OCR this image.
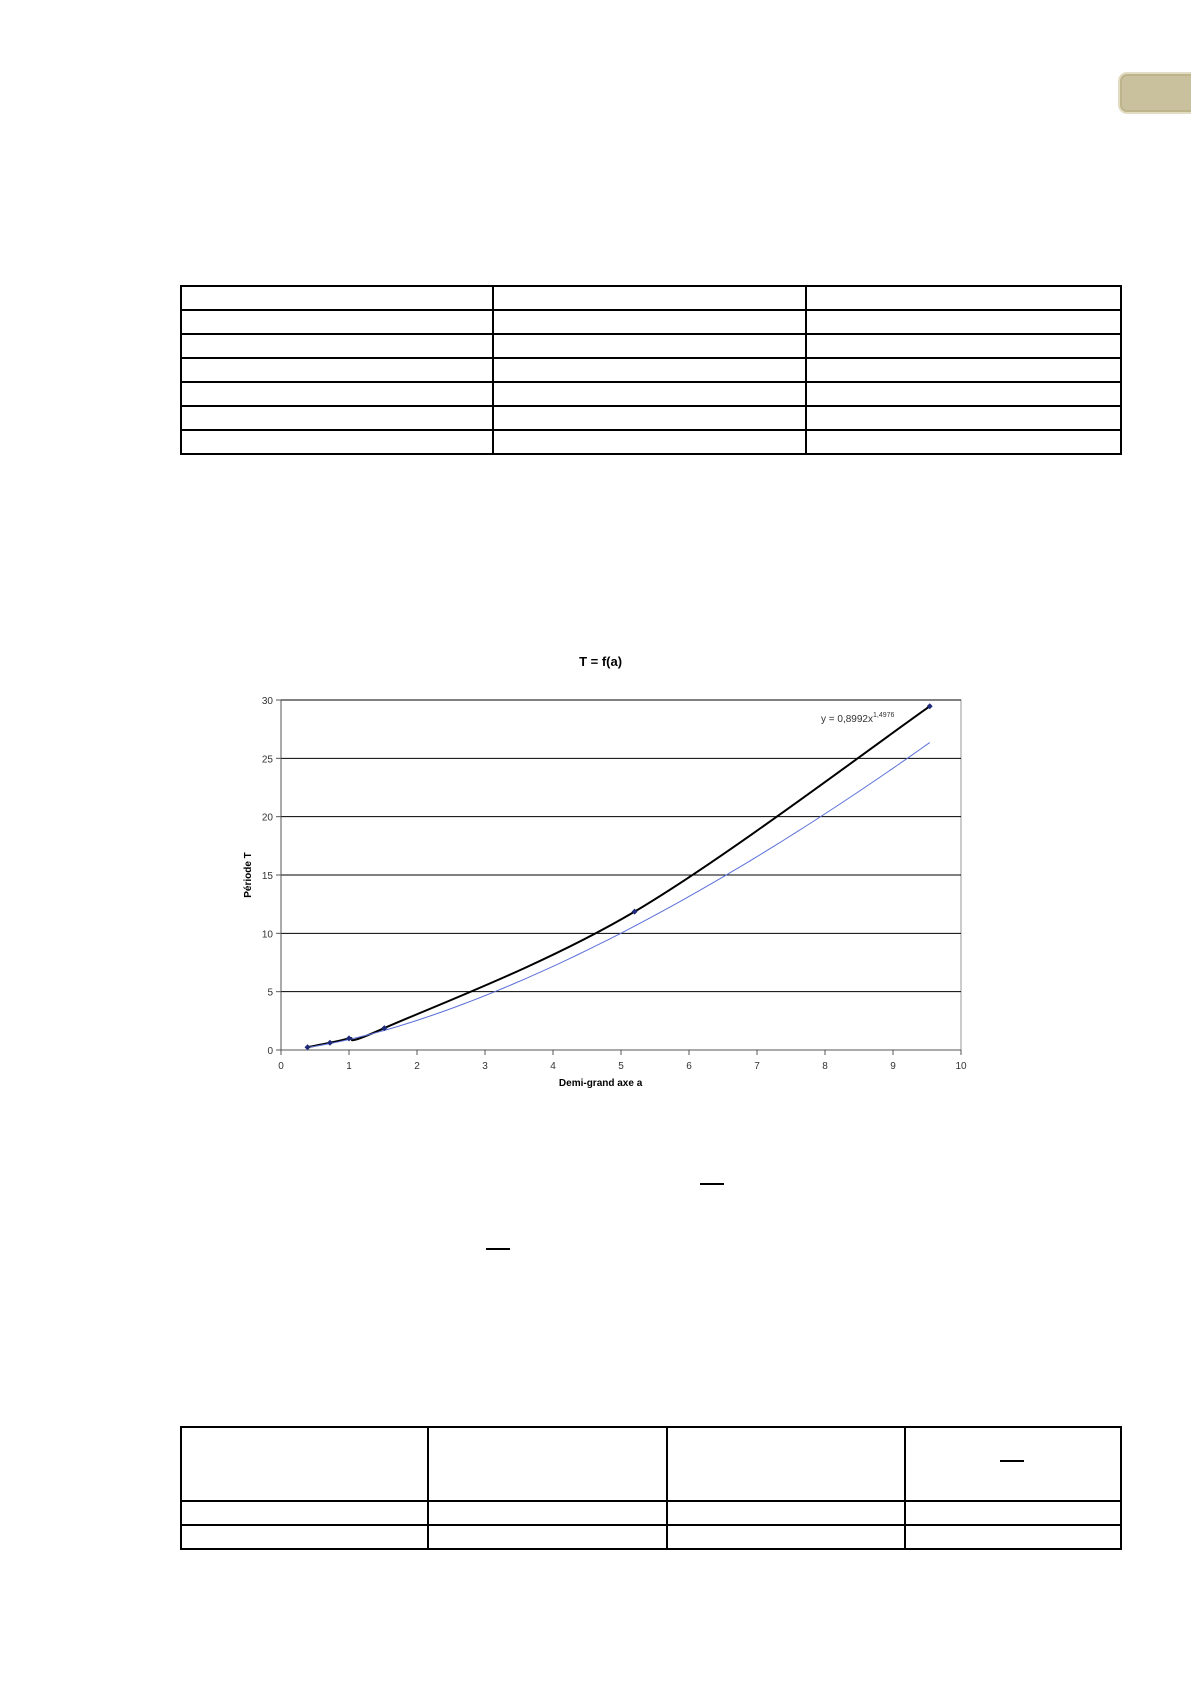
0
5
10
15
20
25
30
0	1	2	3	4	5	6	7	8	9	10
T = f(a)
Demi-grand axe a
Période T
$y = 0,8992x^{1,4976}$
